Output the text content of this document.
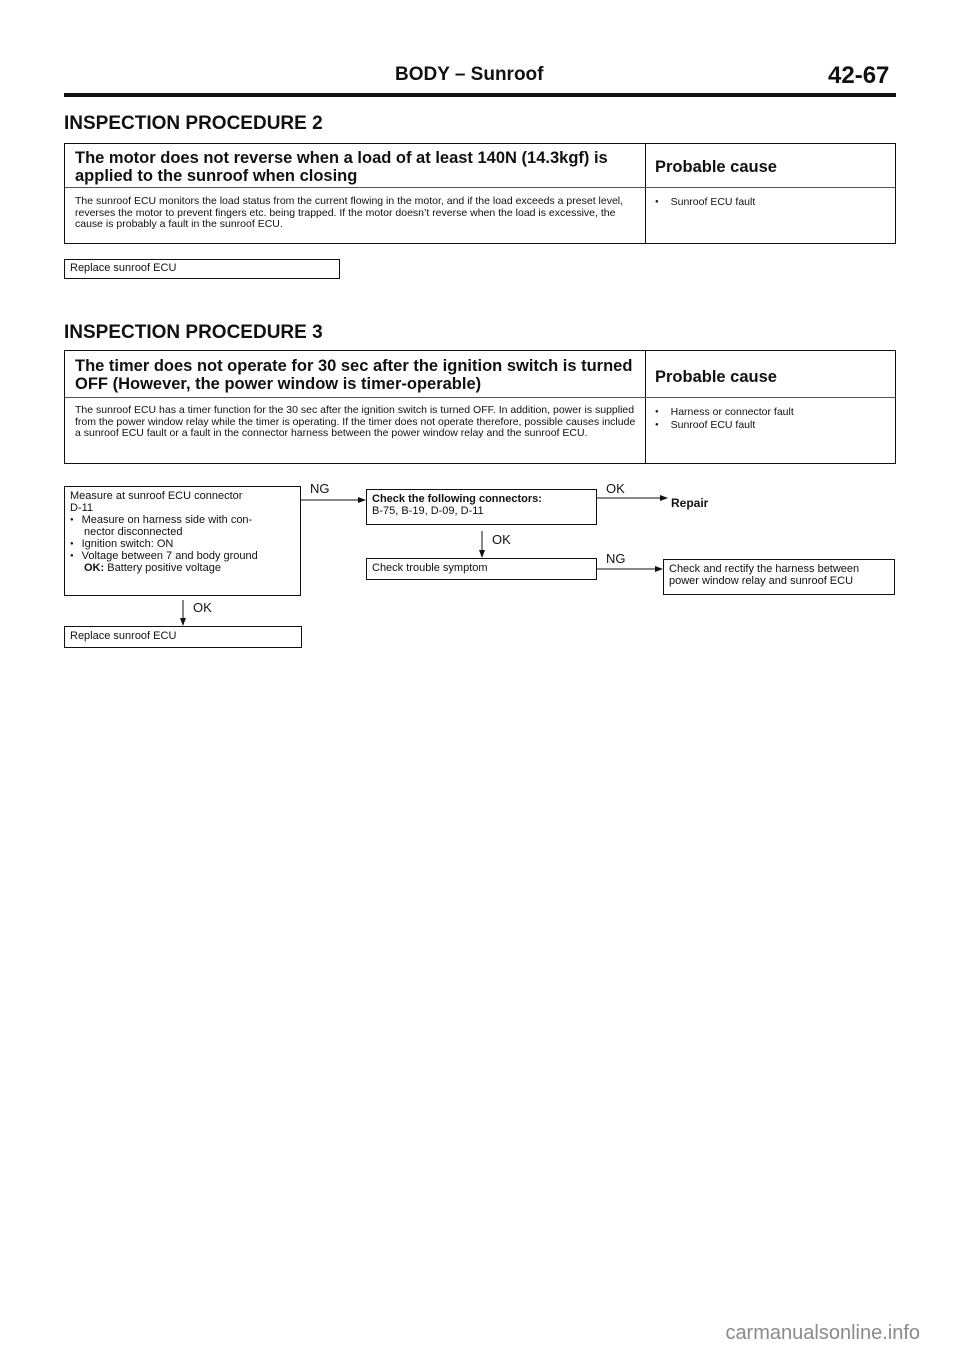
BODY – Sunroof	42-67
INSPECTION PROCEDURE 2
The motor does not reverse when a load of at least 140N (14.3kgf) is applied to the sunroof when closing	Probable cause
The sunroof ECU monitors the load status from the current flowing in the motor, and if the load exceeds a preset level, reverses the motor to prevent fingers etc. being trapped. If the motor doesn’t reverse when the load is excessive, the cause is probably a fault in the sunroof ECU.
● Sunroof ECU fault
Replace sunroof ECU
INSPECTION PROCEDURE 3
The timer does not operate for 30 sec after the ignition switch is turned OFF (However, the power window is timer-operable)	Probable cause
The sunroof ECU has a timer function for the 30 sec after the ignition switch is turned OFF. In addition, power is supplied from the power window relay while the timer is operating. If the timer does not operate therefore, possible causes include a sunroof ECU fault or a fault in the connector harness between the power window relay and the sunroof ECU.
● Harness or connector fault
● Sunroof ECU fault
Measure at sunroof ECU connector
D-11
● Measure on harness side with con-
nector disconnected
● Ignition switch: ON
● Voltage between 7 and body ground
OK: Battery positive voltage
Check the following connectors:
B-75, B-19, D-09, D-11
Check trouble symptom	Check and rectify the harness between
power window relay and sunroof ECU
Replace sunroof ECU
Repair
NG	OK
OK
NG
OK
carmanualsonline.info
